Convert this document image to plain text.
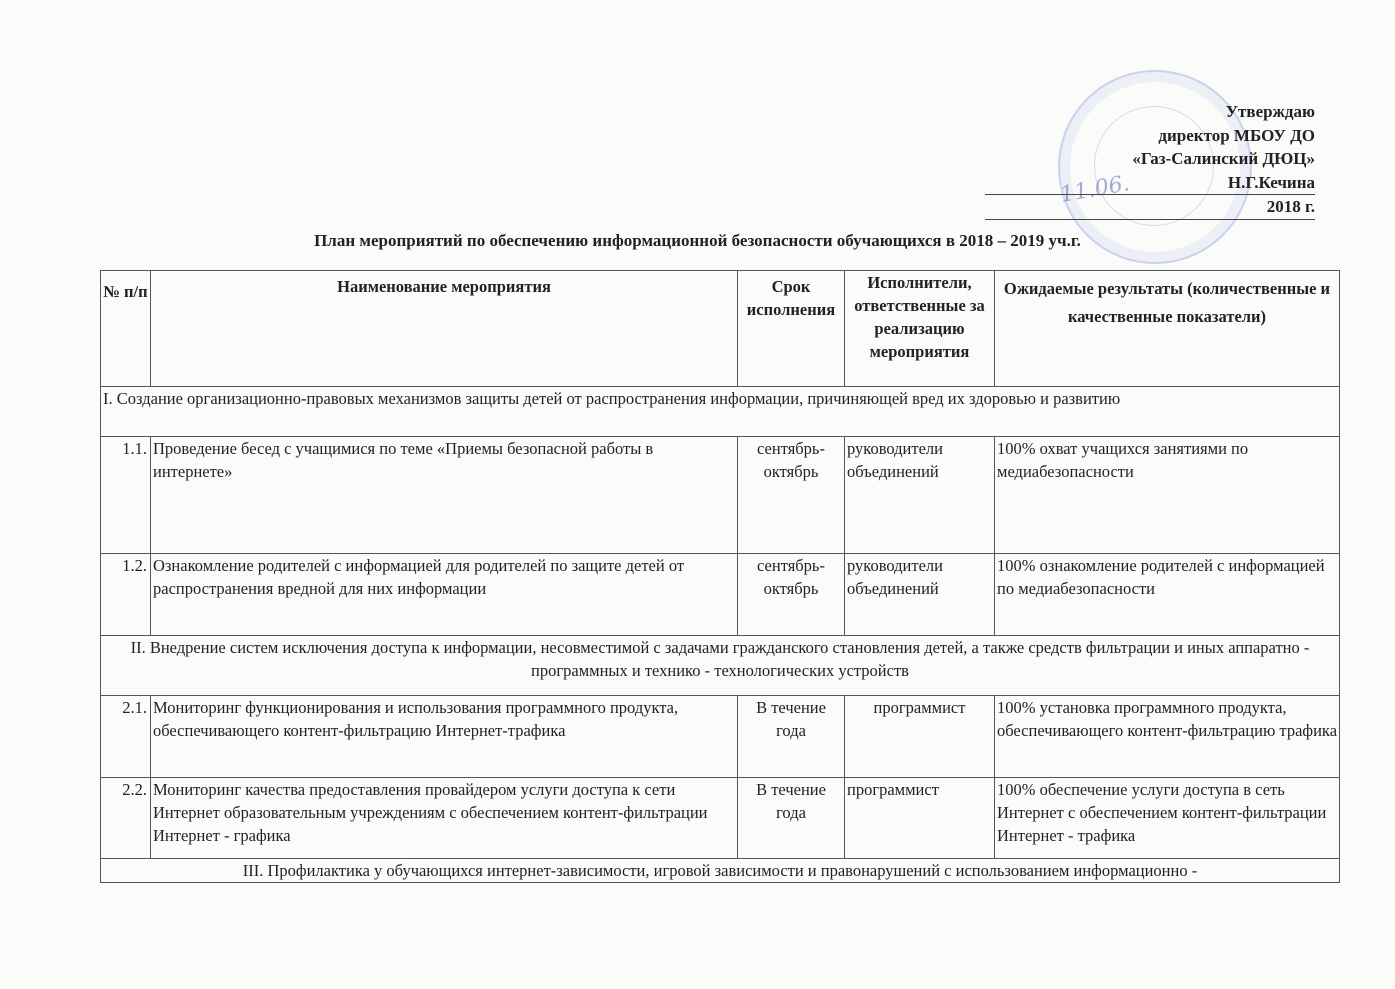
11.06.
Утверждаю
директор МБОУ ДО
«Газ-Салинский ДЮЦ»
Н.Г.Кечина
2018 г.
План мероприятий по обеспечению информационной безопасности обучающихся в 2018 – 2019 уч.г.
№ п/п	Наименование мероприятия	Срок исполнения	Исполнители, ответственные за реализацию мероприятия	Ожидаемые результаты (количественные и качественные показатели)
I. Создание организационно-правовых механизмов защиты детей от распространения информации, причиняющей вред их здоровью и развитию				
1.1.	Проведение бесед с учащимися по теме «Приемы безопасной работы в интернете»	сентябрь-октябрь	руководители объединений	100% охват учащихся занятиями по медиабезопасности
1.2.	Ознакомление родителей с информацией для родителей по защите детей от распространения вредной для них информации	сентябрь-октябрь	руководители объединений	100% ознакомление родителей с информацией по медиабезопасности
II. Внедрение систем исключения доступа к информации, несовместимой с задачами гражданского становления детей, а также средств фильтрации и иных аппаратно - программных и технико - технологических устройств				
2.1.	Мониторинг функционирования и использования программного продукта, обеспечивающего контент-фильтрацию Интернет-трафика	В течение года	программист	100% установка программного продукта, обеспечивающего контент-фильтрацию трафика
2.2.	Мониторинг качества предоставления провайдером услуги доступа к сети Интернет образовательным учреждениям с обеспечением контент-фильтрации Интернет - графика	В течение года	программист	100% обеспечение услуги доступа в сеть Интернет с обеспечением контент-фильтрации Интернет - трафика
III. Профилактика у обучающихся интернет-зависимости, игровой зависимости и правонарушений с использованием информационно -				
